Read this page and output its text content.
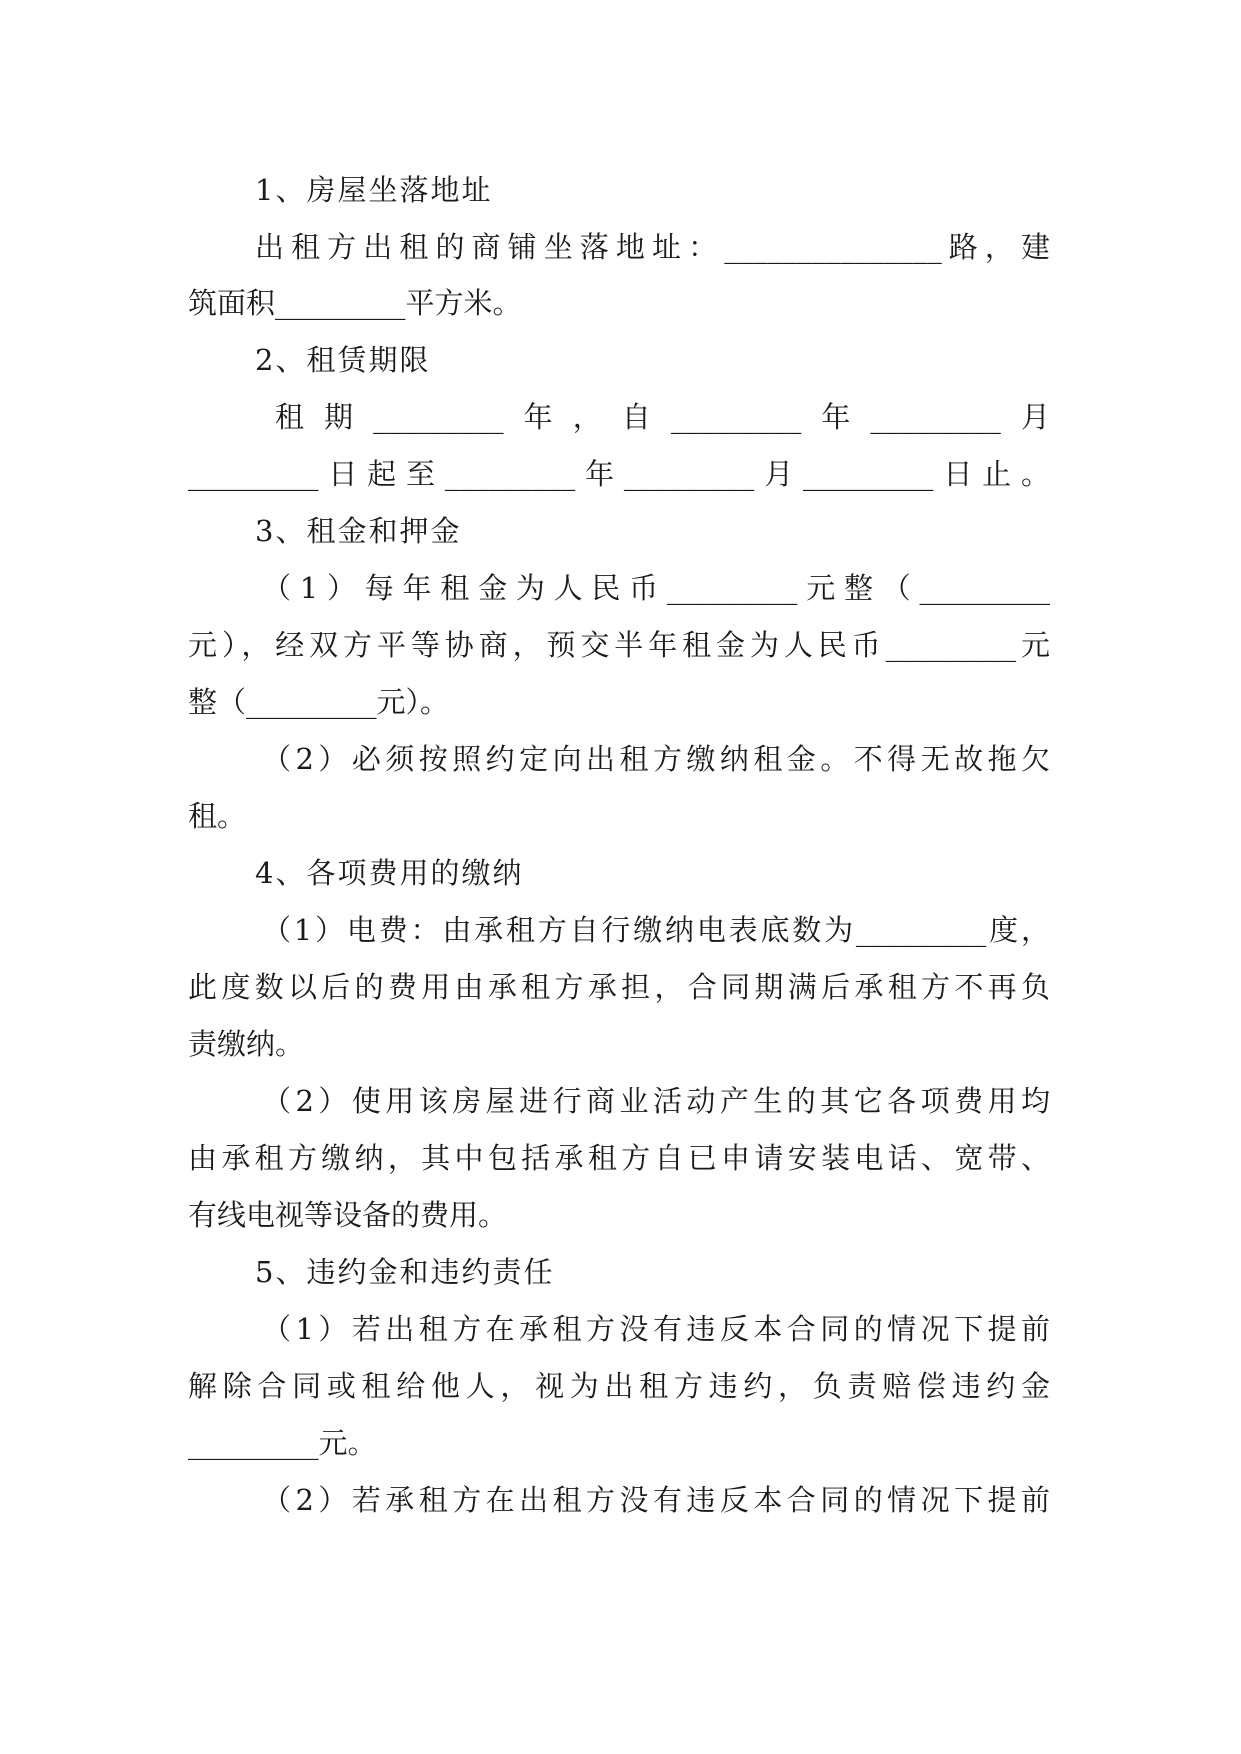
1、房屋坐落地址
出租方出租的商铺坐落地址：_______________路，建
筑面积_________平方米。
2、租赁期限
租期_________年，自_________年_________月
_________日起至_________年_________月_________日止。
3、租金和押金
（1）每年租金为人民币_________元整（_________
元），经双方平等协商，预交半年租金为人民币_________元
整（_________元）。
（2）必须按照约定向出租方缴纳租金。不得无故拖欠
租。
4、各项费用的缴纳
（1）电费：由承租方自行缴纳电表底数为_________度，
此度数以后的费用由承租方承担，合同期满后承租方不再负
责缴纳。
（2）使用该房屋进行商业活动产生的其它各项费用均
由承租方缴纳，其中包括承租方自已申请安装电话、宽带、
有线电视等设备的费用。
5、违约金和违约责任
（1）若出租方在承租方没有违反本合同的情况下提前
解除合同或租给他人，视为出租方违约，负责赔偿违约金
_________元。
（2）若承租方在出租方没有违反本合同的情况下提前
